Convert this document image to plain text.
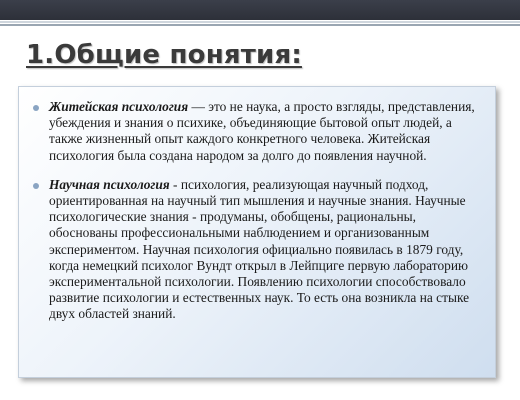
1.Общие понятия:
Житейская психология — это не наука, а просто взгляды, представления, убеждения и знания о психике, объединяющие бытовой опыт людей, а также жизненный опыт каждого конкретного человека. Житейская психология была создана народом за долго до появления научной.
Научная психология - психология, реализующая научный подход, ориентированная на научный тип мышления и научные знания. Научные психологические знания - продуманы, обобщены, рациональны, обоснованы профессиональными наблюдением и организованным экспериментом. Научная психология официально появилась в 1879 году, когда немецкий психолог Вундт открыл в Лейпциге первую лабораторию экспериментальной психологии. Появлению психологии способствовало развитие психологии и естественных наук. То есть она возникла на стыке двух областей знаний.
